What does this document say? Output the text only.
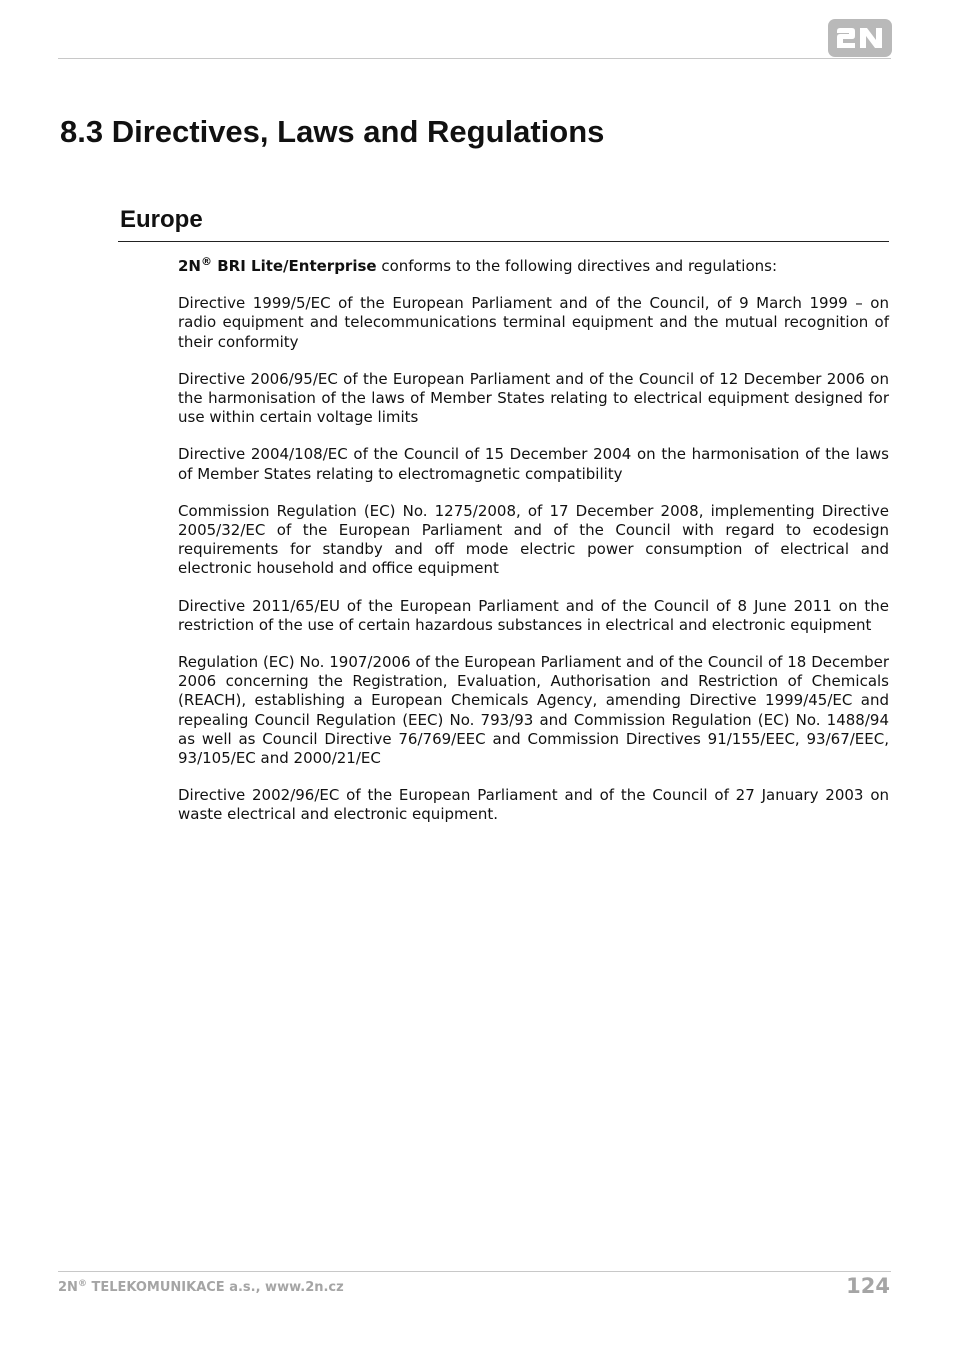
8.3 Directives, Laws and Regulations
Europe

2N® BRI Lite/Enterprise conforms to the following directives and regulations:

Directive 1999/5/EC of the European Parliament and of the Council, of 9 March 1999 – on radio equipment and telecommunications terminal equipment and the mutual recognition of their conformity

Directive 2006/95/EC of the European Parliament and of the Council of 12 December 2006 on the harmonisation of the laws of Member States relating to electrical equipment designed for use within certain voltage limits

Directive 2004/108/EC of the Council of 15 December 2004 on the harmonisation of the laws of Member States relating to electromagnetic compatibility

Commission Regulation (EC) No. 1275/2008, of 17 December 2008, implementing Directive 2005/32/EC of the European Parliament and of the Council with regard to ecodesign requirements for standby and off mode electric power consumption of electrical and electronic household and office equipment

Directive 2011/65/EU of the European Parliament and of the Council of 8 June 2011 on the restriction of the use of certain hazardous substances in electrical and electronic equipment

Regulation (EC) No. 1907/2006 of the European Parliament and of the Council of 18 December 2006 concerning the Registration, Evaluation, Authorisation and Restriction of Chemicals (REACH), establishing a European Chemicals Agency, amending Directive 1999/45/EC and repealing Council Regulation (EEC) No. 793/93 and Commission Regulation (EC) No. 1488/94 as well as Council Directive 76/769/EEC and Commission Directives 91/155/EEC, 93/67/EEC, 93/105/EC and 2000/21/EC

Directive 2002/96/EC of the European Parliament and of the Council of 27 January 2003 on waste electrical and electronic equipment.

2N® TELEKOMUNIKACE a.s., www.2n.cz	124
